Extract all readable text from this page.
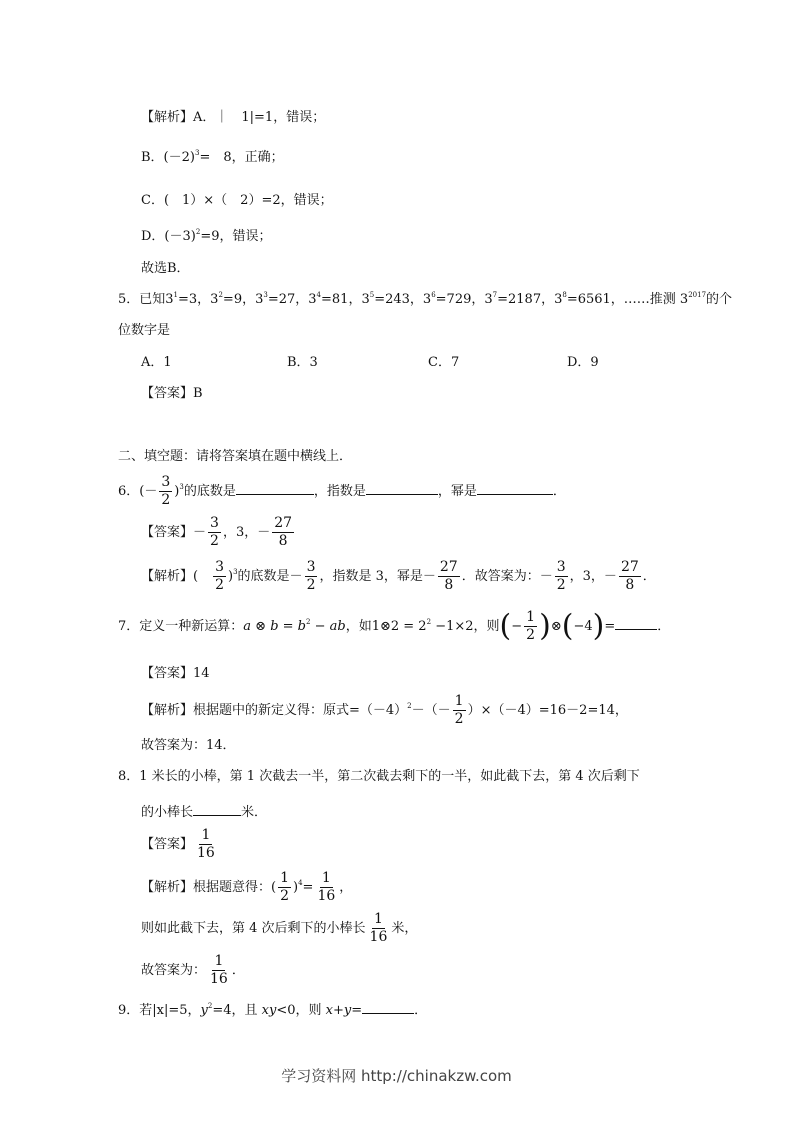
【解析】A．｜　1|=1，错误；
B．$(-2)^3=$　8，正确；
C．(　1）×（　2）=2，错误；
D．$(-3)^2=9$，错误；
故选B．
5．已知$3^1=3$，$3^2=9$，$3^3=27$，$3^4=81$，$3^5=243$，$3^6=729$，$3^7=2187$，$3^8=6561$，……推测 $3^{2017}$的个
位数字是
A．1	B．3	C．7	D．9
【答案】B
二、填空题：请将答案填在题中横线上．
6．(－ $\frac{3}{2} )^3$的底数是	，指数是	，幂是	．
【答案】－ $\frac{3}{2}$ ，3，－ $\frac{27}{8}$
【解析】(　 $\frac{3}{2} )^3$的底数是－ $\frac{3}{2}$ ，指数是 3，幂是－ $\frac{27}{8}$ ．故答案为：－ $\frac{3}{2}$ ，3，－ $\frac{27}{8}$ ．
7．定义一种新运算：a ⊗ $b = b^2$ − ab，如1⊗2 = $2^2 -1\times 2$，则(− $\frac{1}{2}$ )⊗(−4)=	．
【答案】14
【解析】根据题中的新定义得：原式$=(-4)^2-(- \frac{1}{2} )\times(-4)=16-2=14$，
故答案为：14．
8．1 米长的小棒，第 1 次截去一半，第二次截去剩下的一半，如此截下去，第 4 次后剩下
的小棒长	米．
【答案】 $\frac{1}{16}$
【解析】根据题意得：( $\frac{1}{2} )^4= \frac{1}{16}$ ，
则如此截下去，第 4 次后剩下的小棒长 $\frac{1}{16}$ 米，
故答案为： $\frac{1}{16}$ ．
9．若|x|=5，$y^2=4$，且 xy<0，则 x+y=	．
学习资料网 http://chinakzw.com
